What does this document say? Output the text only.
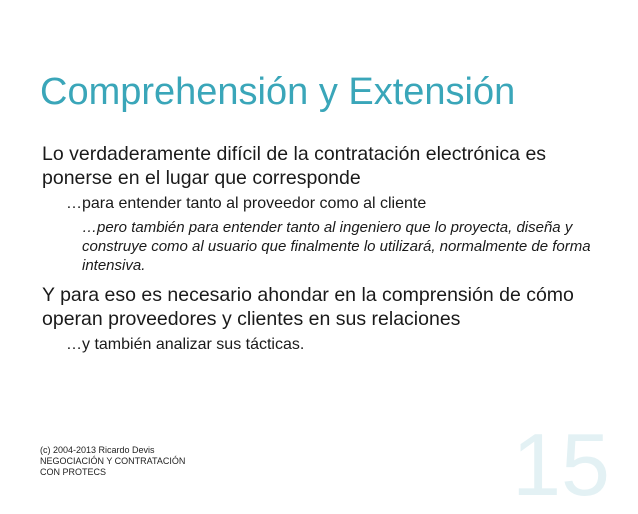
Comprehensión y Extensión
Lo verdaderamente difícil de la contratación electrónica es ponerse en el lugar que corresponde
…para entender tanto al proveedor como al cliente
…pero también para entender tanto al ingeniero que lo proyecta, diseña y construye como al usuario que finalmente lo utilizará, normalmente de forma intensiva.
Y para eso es necesario ahondar en la comprensión de cómo operan proveedores y clientes en sus relaciones
…y también analizar sus tácticas.
(c) 2004-2013 Ricardo Devis
NEGOCIACIÓN Y CONTRATACIÓN
CON PROTECS	15
